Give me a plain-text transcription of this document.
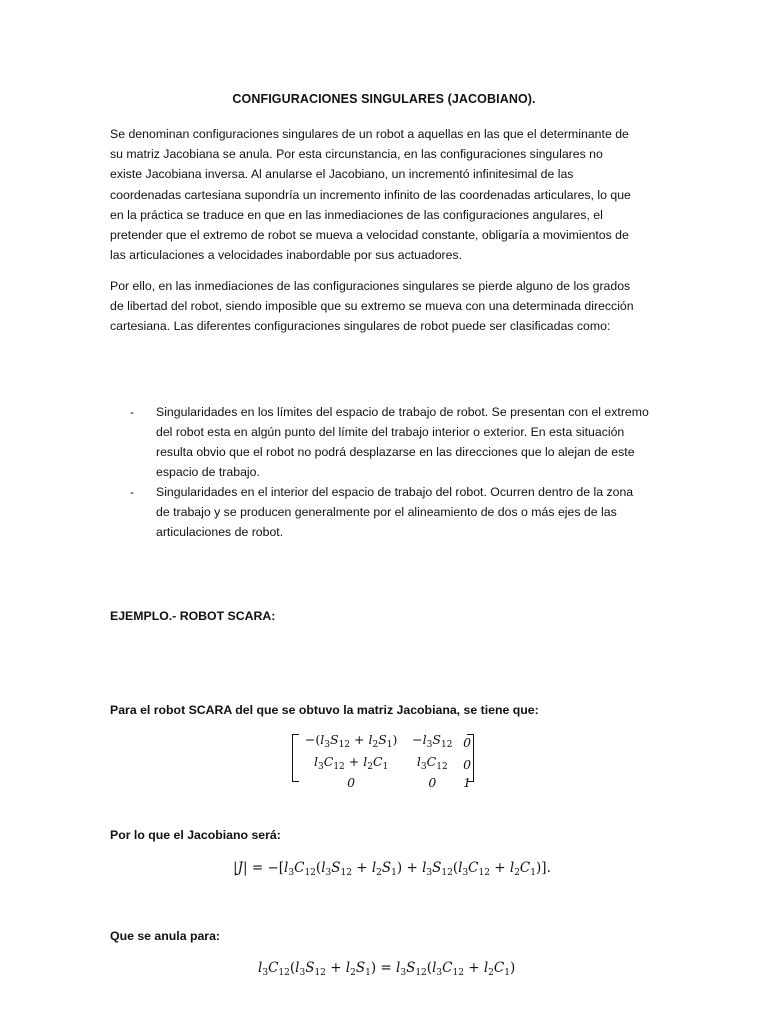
CONFIGURACIONES SINGULARES (JACOBIANO).

Se denominan configuraciones singulares de un robot a aquellas en las que el determinante de su matriz Jacobiana se anula. Por esta circunstancia, en las configuraciones singulares no existe Jacobiana inversa. Al anularse el Jacobiano, un incrementó infinitesimal de las coordenadas cartesiana supondría un incremento infinito de las coordenadas articulares, lo que en la práctica se traduce en que en las inmediaciones de las configuraciones angulares, el pretender que el extremo de robot se mueva a velocidad constante, obligaría a movimientos de las articulaciones a velocidades inabordable por sus actuadores.

Por ello, en las inmediaciones de las configuraciones singulares se pierde alguno de los grados de libertad del robot, siendo imposible que su extremo se mueva con una determinada dirección cartesiana. Las diferentes configuraciones singulares de robot puede ser clasificadas como:

- Singularidades en los límites del espacio de trabajo de robot. Se presentan con el extremo del robot esta en algún punto del límite del trabajo interior o exterior. En esta situación resulta obvio que el robot no podrá desplazarse en las direcciones que lo alejan de este espacio de trabajo.
- Singularidades en el interior del espacio de trabajo del robot. Ocurren dentro de la zona de trabajo y se producen generalmente por el alineamiento de dos o más ejes de las articulaciones de robot.
EJEMPLO.- ROBOT SCARA:
Para el robot SCARA del que se obtuvo la matriz Jacobiana, se tiene que:
$-(l_3S_{12} + l_2S_1)$	$-l_3S_{12}$	0
$l_3C_{12} + l_2C_1$	$l_3C_{12}$	0
0	0	1
Por lo que el Jacobiano será:
$|J| = -[l_3C_{12}(l_3S_{12} + l_2S_1) + l_3S_{12}(l_3C_{12} + l_2C_1)]$.
Que se anula para:
$l_3C_{12}(l_3S_{12} + l_2S_1) = l_3S_{12}(l_3C_{12} + l_2C_1)$
